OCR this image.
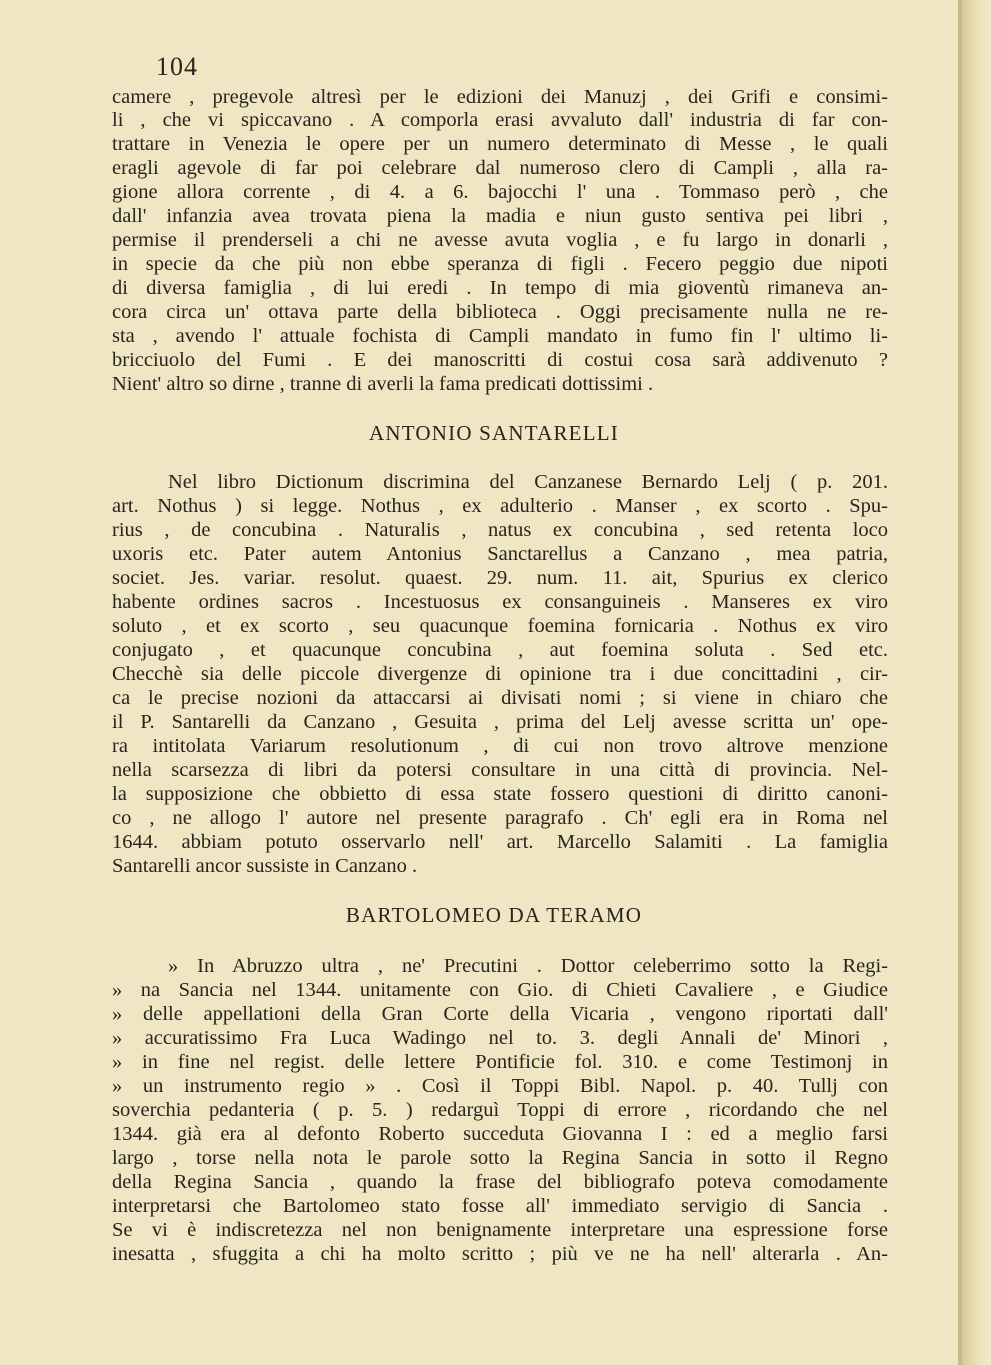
104
camere , pregevole altresì per le edizioni dei Manuzj , dei Grifi e consimi-
li , che vi spiccavano . A comporla erasi avvaluto dall' industria di far con-
trattare in Venezia le opere per un numero determinato di Messe , le quali
eragli agevole di far poi celebrare dal numeroso clero di Campli , alla ra-
gione allora corrente , di 4. a 6. bajocchi l' una . Tommaso però , che
dall' infanzia avea trovata piena la madia e niun gusto sentiva pei libri ,
permise il prenderseli a chi ne avesse avuta voglia , e fu largo in donarli ,
in specie da che più non ebbe speranza di figli . Fecero peggio due nipoti
di diversa famiglia , di lui eredi . In tempo di mia gioventù rimaneva an-
cora circa un' ottava parte della biblioteca . Oggi precisamente nulla ne re-
sta , avendo l' attuale fochista di Campli mandato in fumo fin l' ultimo li-
bricciuolo del Fumi . E dei manoscritti di costui cosa sarà addivenuto ?
Nient' altro so dirne , tranne di averli la fama predicati dottissimi .
ANTONIO SANTARELLI
Nel libro Dictionum discrimina del Canzanese Bernardo Lelj ( p. 201.
art. Nothus ) si legge. Nothus , ex adulterio . Manser , ex scorto . Spu-
rius , de concubina . Naturalis , natus ex concubina , sed retenta loco
uxoris etc. Pater autem Antonius Sanctarellus a Canzano , mea patria,
societ. Jes. variar. resolut. quaest. 29. num. 11. ait, Spurius ex clerico
habente ordines sacros . Incestuosus ex consanguineis . Manseres ex viro
soluto , et ex scorto , seu quacunque foemina fornicaria . Nothus ex viro
conjugato , et quacunque concubina , aut foemina soluta . Sed etc.
Checchè sia delle piccole divergenze di opinione tra i due concittadini , cir-
ca le precise nozioni da attaccarsi ai divisati nomi ; si viene in chiaro che
il P. Santarelli da Canzano , Gesuita , prima del Lelj avesse scritta un' ope-
ra intitolata Variarum resolutionum , di cui non trovo altrove menzione
nella scarsezza di libri da potersi consultare in una città di provincia. Nel-
la supposizione che obbietto di essa state fossero questioni di diritto canoni-
co , ne allogo l' autore nel presente paragrafo . Ch' egli era in Roma nel
1644. abbiam potuto osservarlo nell' art. Marcello Salamiti . La famiglia
Santarelli ancor sussiste in Canzano .
BARTOLOMEO DA TERAMO
» In Abruzzo ultra , ne' Precutini . Dottor celeberrimo sotto la Regi-
» na Sancia nel 1344. unitamente con Gio. di Chieti Cavaliere , e Giudice
» delle appellationi della Gran Corte della Vicaria , vengono riportati dall'
» accuratissimo Fra Luca Wadingo nel to. 3. degli Annali de' Minori ,
» in fine nel regist. delle lettere Pontificie fol. 310. e come Testimonj in
» un instrumento regio » . Così il Toppi Bibl. Napol. p. 40. Tullj con
soverchia pedanteria ( p. 5. ) redarguì Toppi di errore , ricordando che nel
1344. già era al defonto Roberto succeduta Giovanna I : ed a meglio farsi
largo , torse nella nota le parole sotto la Regina Sancia in sotto il Regno
della Regina Sancia , quando la frase del bibliografo poteva comodamente
interpretarsi che Bartolomeo stato fosse all' immediato servigio di Sancia .
Se vi è indiscretezza nel non benignamente interpretare una espressione forse
inesatta , sfuggita a chi ha molto scritto ; più ve ne ha nell' alterarla . An-
